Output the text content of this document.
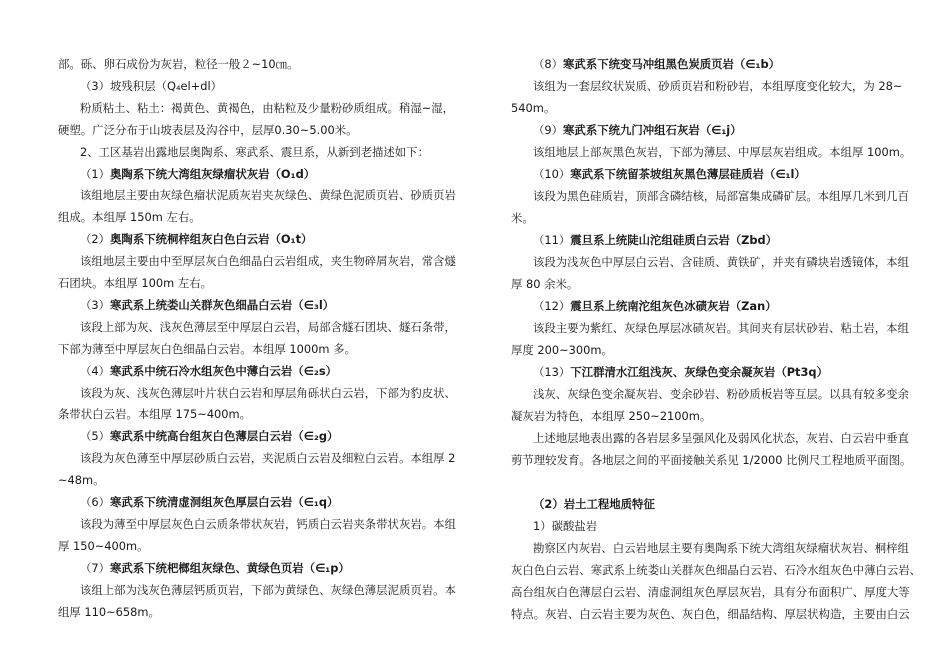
部。砾、卵石成份为灰岩，粒径一般２~10㎝。
（3）坡残积层（Q₄el+dl）
粉质粘土、粘土：褐黄色、黄褐色，由粘粒及少量粉砂质组成。稍湿~湿，
硬塑。广泛分布于山坡表层及沟谷中，层厚0.30~5.00米。
2、工区基岩出露地层奥陶系、寒武系、震旦系，从新到老描述如下：
（1）奥陶系下统大湾组灰绿瘤状灰岩（O₁d）
该组地层主要由灰绿色瘤状泥质灰岩夹灰绿色、黄绿色泥质页岩、砂质页岩
组成。本组厚 150m 左右。
（2）奥陶系下统桐梓组灰白色白云岩（O₁t）
该组地层主要由中至厚层灰白色细晶白云岩组成，夹生物碎屑灰岩，常含燧
石团块。本组厚 100m 左右。
（3）寒武系上统娄山关群灰色细晶白云岩（∈₃l）
该段上部为灰、浅灰色薄层至中厚层白云岩，局部含燧石团块、燧石条带，
下部为薄至中厚层灰白色细晶白云岩。本组厚 1000m 多。
（4）寒武系中统石冷水组灰色中薄白云岩（∈₂s）
该段为灰、浅灰色薄层叶片状白云岩和厚层角砾状白云岩，下部为豹皮状、
条带状白云岩。本组厚 175~400m。
（5）寒武系中统高台组灰白色薄层白云岩（∈₂g）
该段为灰色薄至中厚层砂质白云岩，夹泥质白云岩及细粒白云岩。本组厚 2
~48m。
（6）寒武系下统清虚洞组灰色厚层白云岩（∈₁q）
该段为薄至中厚层灰色白云质条带状灰岩，钙质白云岩夹条带状灰岩。本组
厚 150~400m。
（7）寒武系下统杷榔组灰绿色、黄绿色页岩（∈₁p）
该组上部为浅灰色薄层钙质页岩，下部为黄绿色、灰绿色薄层泥质页岩。本
组厚 110~658m。
（8）寒武系下统变马冲组黑色炭质页岩（∈₁b）
该组为一套层纹状炭质、砂质页岩和粉砂岩，本组厚度变化较大，为 28~
540m。
（9）寒武系下统九门冲组石灰岩（∈₁j）
该组地层上部灰黑色灰岩，下部为薄层、中厚层灰岩组成。本组厚 100m。
（10）寒武系下统留茶坡组灰黑色薄层硅质岩（∈₁l）
该段为黑色硅质岩，顶部含磷结核，局部富集成磷矿层。本组厚几米到几百
米。
（11）震旦系上统陡山沱组硅质白云岩（Zbd）
该段为浅灰色中厚层白云岩、含硅质、黄铁矿，并夹有磷块岩透镜体，本组
厚 80 余米。
（12）震旦系上统南沱组灰色冰碛灰岩（Zan）
该段主要为紫红、灰绿色厚层冰碛灰岩。其间夹有层状砂岩、粘土岩，本组
厚度 200~300m。
（13）下江群清水江组浅灰、灰绿色变余凝灰岩（Pt3q）
浅灰、灰绿色变余凝灰岩、变余砂岩、粉砂质板岩等互层。以具有较多变余
凝灰岩为特色，本组厚 250~2100m。
上述地层地表出露的各岩层多呈强风化及弱风化状态，灰岩、白云岩中垂直
剪节理较发育。各地层之间的平面接触关系见 1/2000 比例尺工程地质平面图。
（2）岩土工程地质特征
1）碳酸盐岩
勘察区内灰岩、白云岩地层主要有奥陶系下统大湾组灰绿瘤状灰岩、桐梓组
灰白色白云岩、寒武系上统娄山关群灰色细晶白云岩、石冷水组灰色中薄白云岩、
高台组灰白色薄层白云岩、清虚洞组灰色厚层灰岩，具有分布面积广、厚度大等
特点。灰岩、白云岩主要为灰色、灰白色，细晶结构、厚层状构造，主要由白云
